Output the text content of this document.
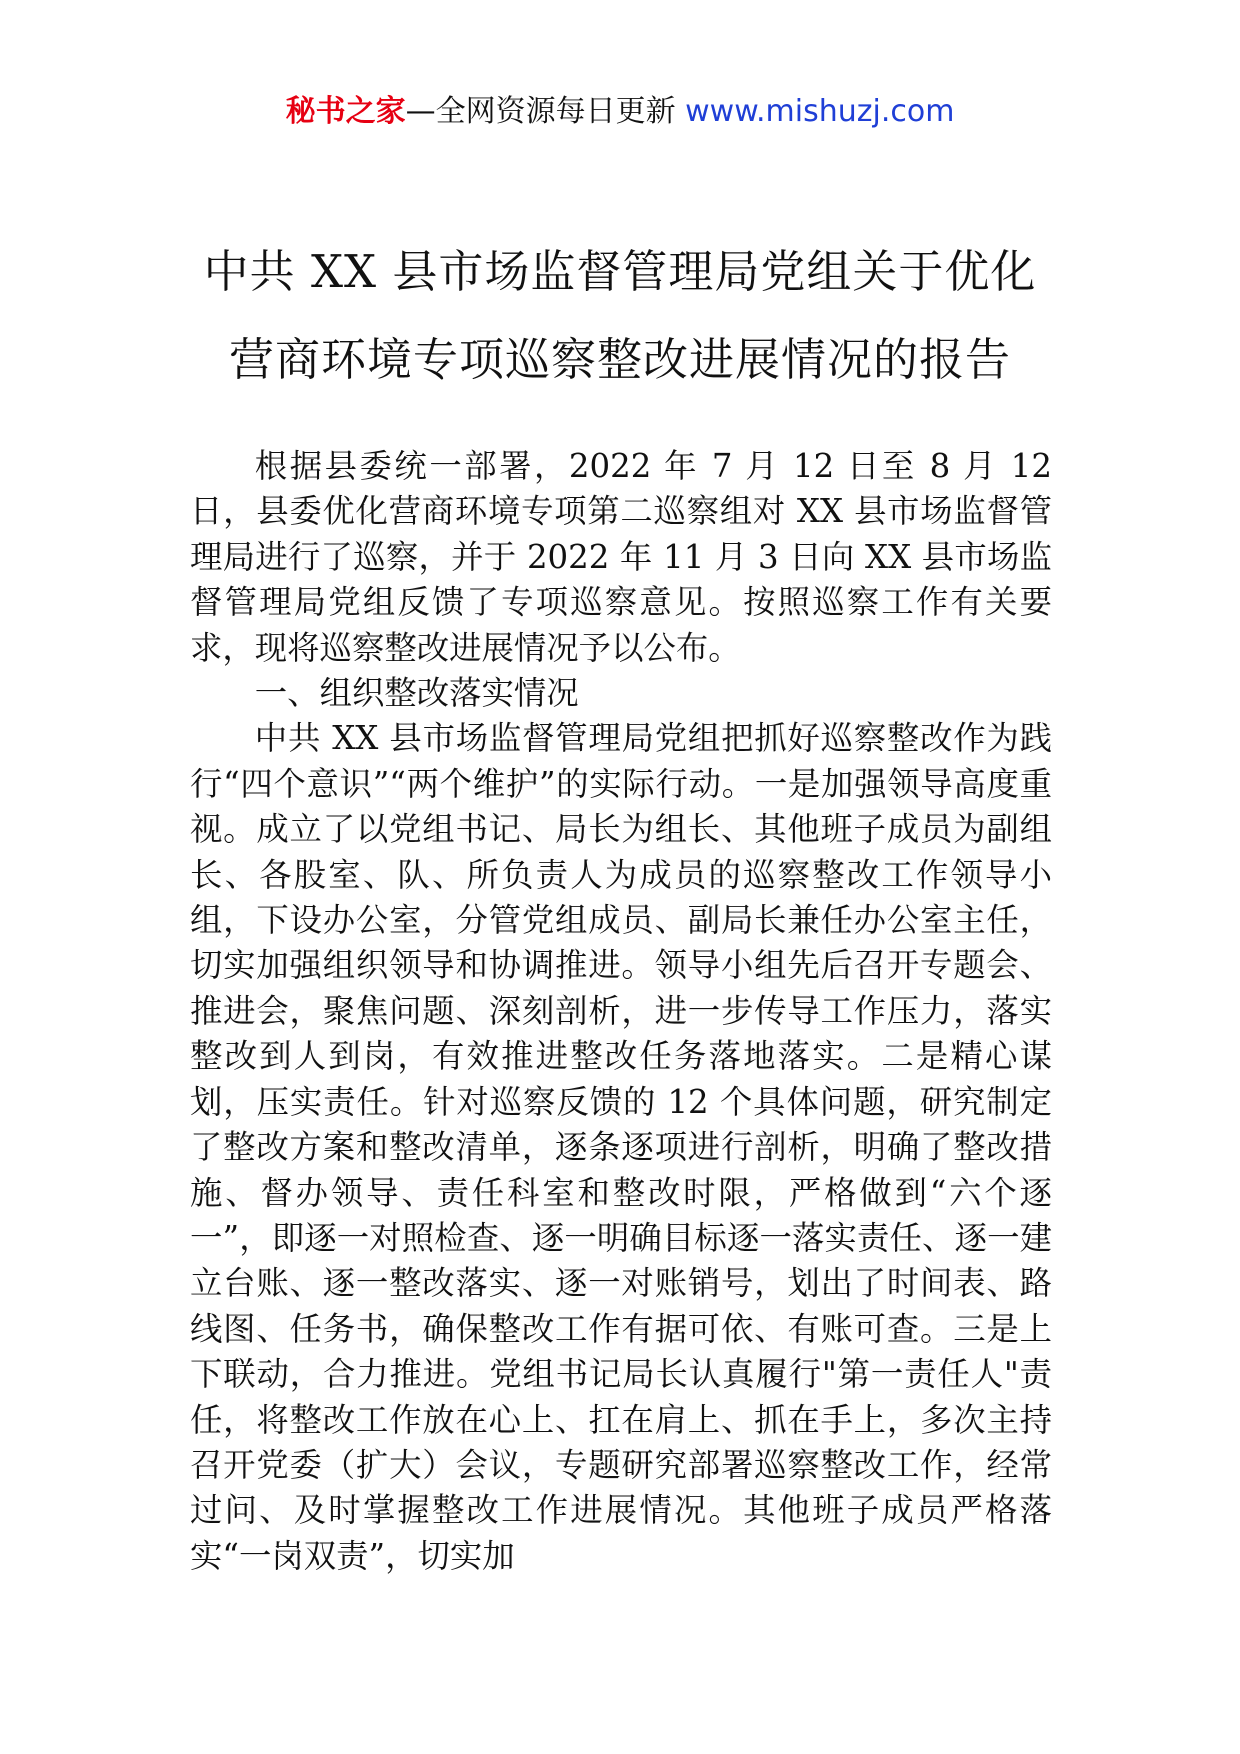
秘书之家—全网资源每日更新 www.mishuzj.com
中共 XX 县市场监督管理局党组关于优化
营商环境专项巡察整改进展情况的报告

根据县委统一部署，2022 年 7 月 12 日至 8 月 12 日，县委优化营商环境专项第二巡察组对 XX 县市场监督管理局进行了巡察，并于 2022 年 11 月 3 日向 XX 县市场监督管理局党组反馈了专项巡察意见。按照巡察工作有关要求，现将巡察整改进展情况予以公布。

一、组织整改落实情况

中共 XX 县市场监督管理局党组把抓好巡察整改作为践行“四个意识”“两个维护”的实际行动。一是加强领导高度重视。成立了以党组书记、局长为组长、其他班子成员为副组长、各股室、队、所负责人为成员的巡察整改工作领导小组，下设办公室，分管党组成员、副局长兼任办公室主任，切实加强组织领导和协调推进。领导小组先后召开专题会、推进会，聚焦问题、深刻剖析，进一步传导工作压力，落实整改到人到岗，有效推进整改任务落地落实。二是精心谋划，压实责任。针对巡察反馈的 12 个具体问题，研究制定了整改方案和整改清单，逐条逐项进行剖析，明确了整改措施、督办领导、责任科室和整改时限，严格做到“六个逐一”，即逐一对照检查、逐一明确目标逐一落实责任、逐一建立台账、逐一整改落实、逐一对账销号，划出了时间表、路线图、任务书，确保整改工作有据可依、有账可查。三是上下联动，合力推进。党组书记局长认真履行"第一责任人"责任，将整改工作放在心上、扛在肩上、抓在手上，多次主持召开党委（扩大）会议，专题研究部署巡察整改工作，经常过问、及时掌握整改工作进展情况。其他班子成员严格落实“一岗双责”，切实加
